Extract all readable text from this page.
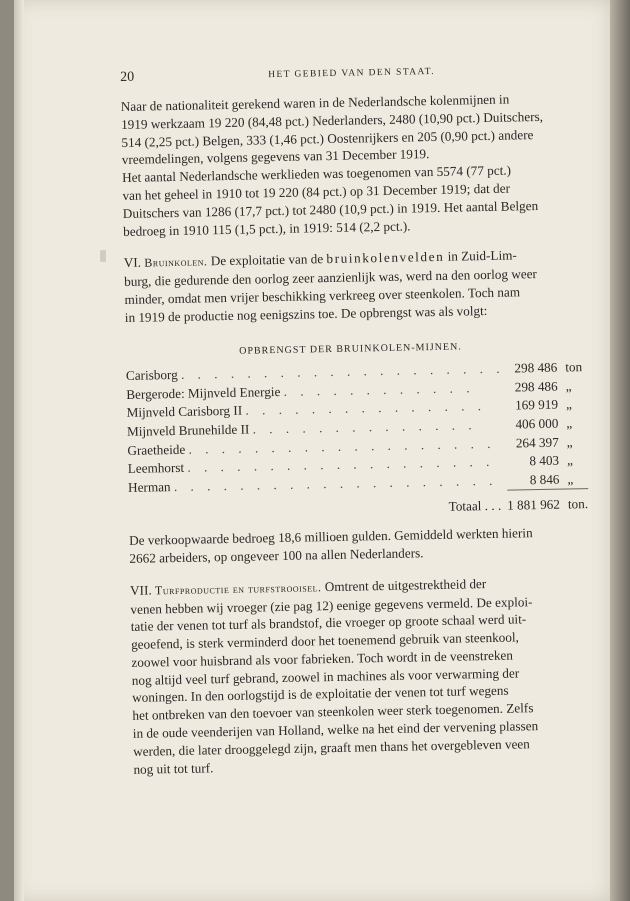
20	HET GEBIED VAN DEN STAAT.

Naar de nationaliteit gerekend waren in de Nederlandsche kolenmijnen in

1919 werkzaam 19 220 (84,48 pct.) Nederlanders, 2480 (10,90 pct.) Duitschers,

514 (2,25 pct.) Belgen, 333 (1,46 pct.) Oostenrijkers en 205 (0,90 pct.) andere

vreemdelingen, volgens gegevens van 31 December 1919.

Het aantal Nederlandsche werklieden was toegenomen van 5574 (77 pct.)

van het geheel in 1910 tot 19 220 (84 pct.) op 31 December 1919; dat der

Duitschers van 1286 (17,7 pct.) tot 2480 (10,9 pct.) in 1919. Het aantal Belgen

bedroeg in 1910 115 (1,5 pct.), in 1919: 514 (2,2 pct.).

VI. Bruinkolen. De exploitatie van de bruinkolenvelden in Zuid-Lim-

burg, die gedurende den oorlog zeer aanzienlijk was, werd na den oorlog weer

minder, omdat men vrijer beschikking verkreeg over steenkolen. Toch nam

in 1919 de productie nog eenigszins toe. De opbrengst was als volgt:

OPBRENGST DER BRUINKOLEN-MIJNEN.
Carisborg . . . . . . . . . . . . . . . . . . . .	298 486	ton
Bergerode: Mijnveld Energie . . . . . . . . . . . .	298 486	„
Mijnveld Carisborg II . . . . . . . . . . . . . . .	169 919	„
Mijnveld Brunehilde II . . . . . . . . . . . . . .	406 000	„
Graetheide . . . . . . . . . . . . . . . . . . .	264 397	„
Leemhorst . . . . . . . . . . . . . . . . . . .	8 403	„
Herman . . . . . . . . . . . . . . . . . . . .	8 846	„

Totaal . . .	1 881 962	ton.

De verkoopwaarde bedroeg 18,6 millioen gulden. Gemiddeld werkten hierin

2662 arbeiders, op ongeveer 100 na allen Nederlanders.

VII. Turfproductie en turfstrooisel. Omtrent de uitgestrektheid der

venen hebben wij vroeger (zie pag 12) eenige gegevens vermeld. De exploi-

tatie der venen tot turf als brandstof, die vroeger op groote schaal werd uit-

geoefend, is sterk verminderd door het toenemend gebruik van steenkool,

zoowel voor huisbrand als voor fabrieken. Toch wordt in de veenstreken

nog altijd veel turf gebrand, zoowel in machines als voor verwarming der

woningen. In den oorlogstijd is de exploitatie der venen tot turf wegens

het ontbreken van den toevoer van steenkolen weer sterk toegenomen. Zelfs

in de oude veenderijen van Holland, welke na het eind der vervening plassen

werden, die later drooggelegd zijn, graaft men thans het overgebleven veen

nog uit tot turf.
